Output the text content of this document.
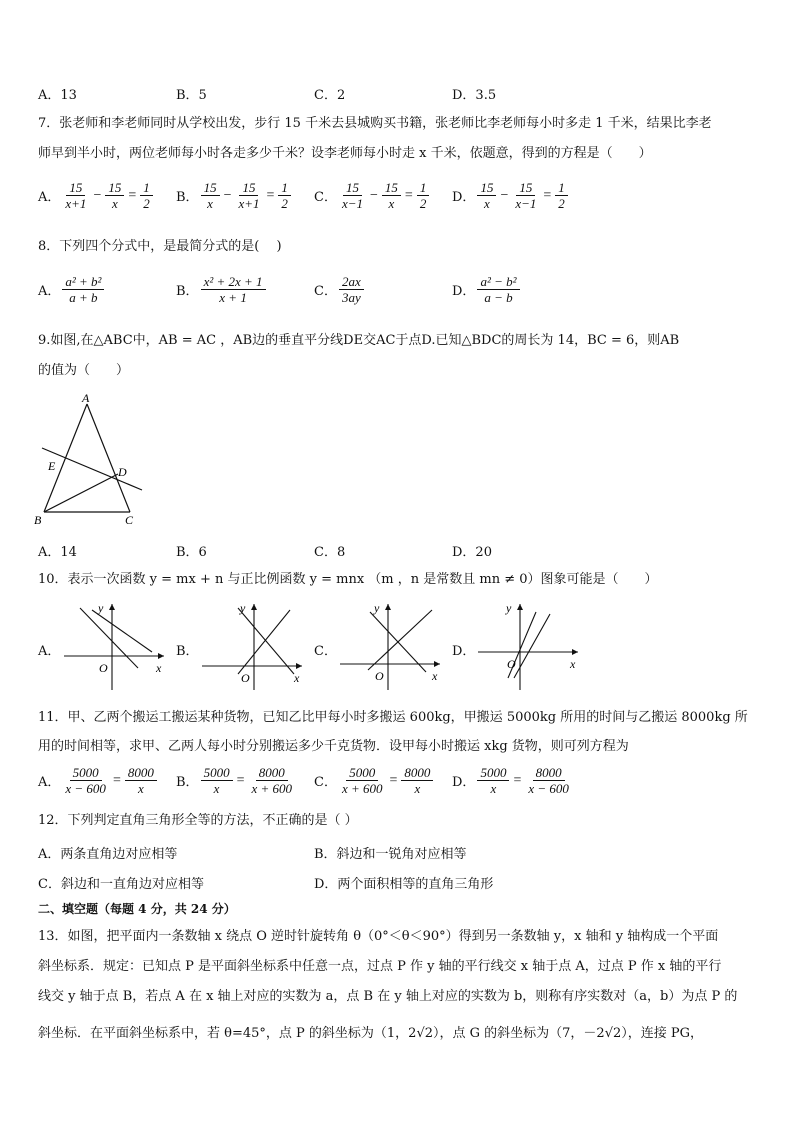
A．13	B．5	C．2	D．3.5
7．张老师和李老师同时从学校出发，步行 15 千米去县城购买书籍，张老师比李老师每小时多走 1 千米，结果比李老
师早到半小时，两位老师每小时各走多少千米？设李老师每小时走 x 千米，依题意，得到的方程是（　　）
A． $\frac{15}{x+1} - \frac{15}{x} = \frac{1}{2}$ B． $\frac{15}{x} - \frac{15}{x+1} = \frac{1}{2}$ C． $\frac{15}{x-1} - \frac{15}{x} = \frac{1}{2}$ D． $\frac{15}{x} - \frac{15}{x-1} = \frac{1}{2}$
8．下列四个分式中，是最简分式的是(　 )
A． $\frac{\text{a² + b²}}{a + b}$	B． $\frac{\text{x² + 2x + 1}}{x + 1}$	C． $\frac{2ax}{3ay}$	D． $\frac{\text{a² − b²}}{a - b}$
9.如图,在△ABC中，AB = AC ，AB边的垂直平分线DE交AC于点D.已知△BDC的周长为 14，BC = 6，则AB
的值为（　　）
A
B	C
D
E
A．14	B．6	C．8	D．20
10．表示一次函数 y = mx + n 与正比例函数 y = mnx （m ，n 是常数且 mn ≠ 0）图象可能是（　　）
A．
x
y
O
B．
x
y
O
C．
x
y
O
D．
x
y
O
11．甲、乙两个搬运工搬运某种货物，已知乙比甲每小时多搬运 600kg，甲搬运 5000kg 所用的时间与乙搬运 8000kg 所
用的时间相等，求甲、乙两人每小时分别搬运多少千克货物．设甲每小时搬运 xkg 货物，则可列方程为
A． $\frac{5000}{x - 600} = \frac{8000}{x}$ B． $\frac{5000}{x} = \frac{8000}{x + 600}$ C． $\frac{5000}{x + 600} = \frac{8000}{x}$ D． $\frac{5000}{x} = \frac{8000}{x - 600}$
12．下列判定直角三角形全等的方法，不正确的是（ ）
A．两条直角边对应相等	B．斜边和一锐角对应相等
C．斜边和一直角边对应相等	D．两个面积相等的直角三角形
二、填空题（每题 4 分，共 24 分）
13．如图，把平面内一条数轴 x 绕点 O 逆时针旋转角 θ（0°＜θ＜90°）得到另一条数轴 y，x 轴和 y 轴构成一个平面
斜坐标系．规定：已知点 P 是平面斜坐标系中任意一点，过点 P 作 y 轴的平行线交 x 轴于点 A，过点 P 作 x 轴的平行
线交 y 轴于点 B，若点 A 在 x 轴上对应的实数为 a，点 B 在 y 轴上对应的实数为 b，则称有序实数对（a，b）为点 P 的
斜坐标．在平面斜坐标系中，若 θ=45°，点 P 的斜坐标为（1，2√2），点 G 的斜坐标为（7，－2√2），连接 PG，
